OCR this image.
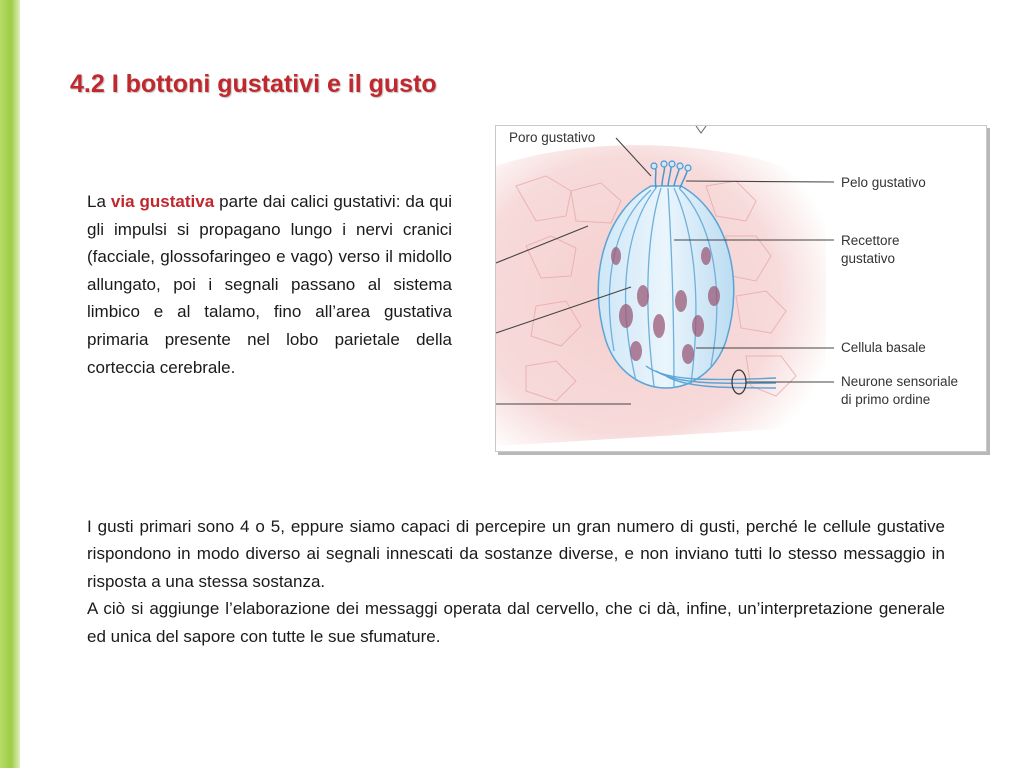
4.2 I bottoni gustativi e il gusto

La via gustativa parte dai calici gustativi: da qui gli impulsi si propagano lungo i nervi cranici (facciale, glossofaringeo e vago) verso il midollo allungato, poi i segnali passano al sistema limbico e al talamo, fino all’area gustativa primaria presente nel lobo parietale della corteccia cerebrale.

Poro gustativo
Pelo gustativo
Recettore
gustativo
Cellula basale
Neurone sensoriale
di primo ordine

I gusti primari sono 4 o 5, eppure siamo capaci di percepire un gran numero di gusti, perché le cellule gustative rispondono in modo diverso ai segnali innescati da sostanze diverse, e non inviano tutti lo stesso messaggio in risposta a una stessa sostanza.

A ciò si aggiunge l’elaborazione dei messaggi operata dal cervello, che ci dà, infine, un’interpretazione generale ed unica del sapore con tutte le sue sfumature.
